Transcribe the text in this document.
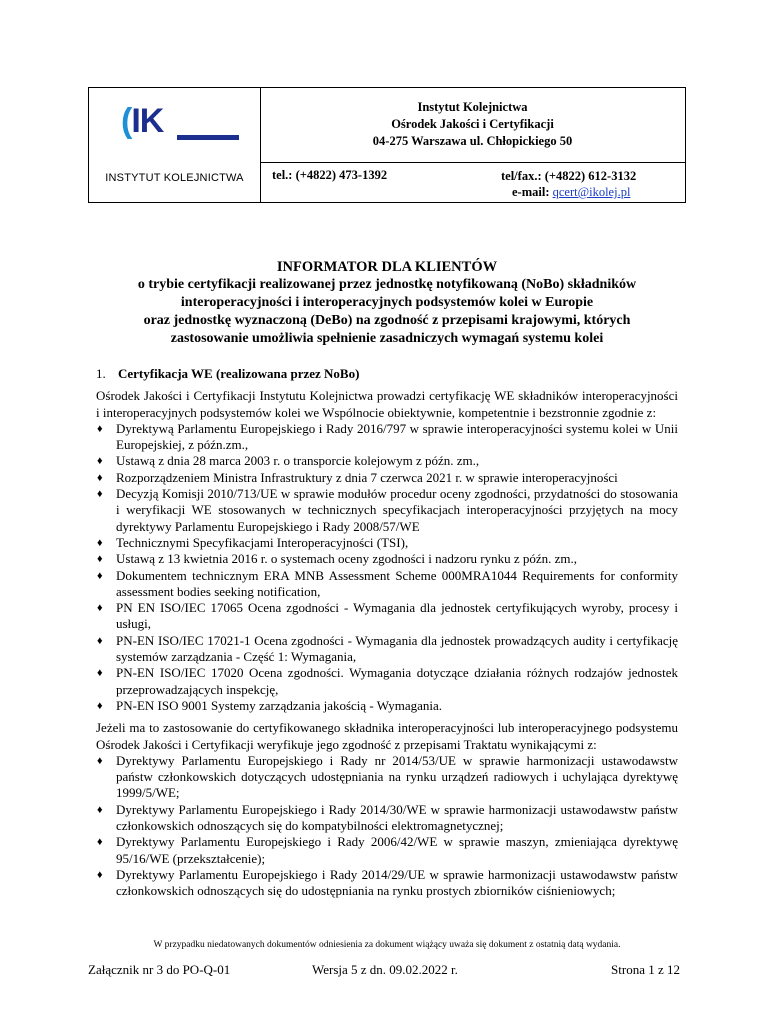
(IK
INSTYTUT KOLEJNICTWA
Instytut Kolejnictwa
Ośrodek Jakości i Certyfikacji
04-275 Warszawa ul. Chłopickiego 50
tel.: (+4822) 473-1392	tel/fax.: (+4822) 612-3132
e-mail: qcert@ikolej.pl
INFORMATOR DLA KLIENTÓW
o trybie certyfikacji realizowanej przez jednostkę notyfikowaną (NoBo) składników
interoperacyjności i interoperacyjnych podsystemów kolei w Europie
oraz jednostkę wyznaczoną (DeBo) na zgodność z przepisami krajowymi, których
zastosowanie umożliwia spełnienie zasadniczych wymagań systemu kolei
1. Certyfikacja WE (realizowana przez NoBo)
Ośrodek Jakości i Certyfikacji Instytutu Kolejnictwa prowadzi certyfikację WE składników interoperacyjności i interoperacyjnych podsystemów kolei we Wspólnocie obiektywnie, kompetentnie i bezstronnie zgodnie z:
♦ Dyrektywą Parlamentu Europejskiego i Rady 2016/797 w sprawie interoperacyjności systemu kolei w Unii Europejskiej, z późn.zm.,
♦ Ustawą z dnia 28 marca 2003 r. o transporcie kolejowym z późn. zm.,
♦ Rozporządzeniem Ministra Infrastruktury z dnia 7 czerwca 2021 r. w sprawie interoperacyjności
♦ Decyzją Komisji 2010/713/UE w sprawie modułów procedur oceny zgodności, przydatności do stosowania i weryfikacji WE stosowanych w technicznych specyfikacjach interoperacyjności przyjętych na mocy dyrektywy Parlamentu Europejskiego i Rady 2008/57/WE
♦ Technicznymi Specyfikacjami Interoperacyjności (TSI),
♦ Ustawą z 13 kwietnia 2016 r. o systemach oceny zgodności i nadzoru rynku z późn. zm.,
♦ Dokumentem technicznym ERA MNB Assessment Scheme 000MRA1044 Requirements for conformity assessment bodies seeking notification,
♦ PN EN ISO/IEC 17065 Ocena zgodności - Wymagania dla jednostek certyfikujących wyroby, procesy i usługi,
♦ PN-EN ISO/IEC 17021-1 Ocena zgodności - Wymagania dla jednostek prowadzących audity i certyfikację systemów zarządzania - Część 1: Wymagania,
♦ PN-EN ISO/IEC 17020 Ocena zgodności. Wymagania dotyczące działania różnych rodzajów jednostek przeprowadzających inspekcję,
♦ PN-EN ISO 9001 Systemy zarządzania jakością - Wymagania.
Jeżeli ma to zastosowanie do certyfikowanego składnika interoperacyjności lub interoperacyjnego podsystemu Ośrodek Jakości i Certyfikacji weryfikuje jego zgodność z przepisami Traktatu wynikającymi z:
♦ Dyrektywy Parlamentu Europejskiego i Rady nr 2014/53/UE w sprawie harmonizacji ustawodawstw państw członkowskich dotyczących udostępniania na rynku urządzeń radiowych i uchylająca dyrektywę 1999/5/WE;
♦ Dyrektywy Parlamentu Europejskiego i Rady 2014/30/WE w sprawie harmonizacji ustawodawstw państw członkowskich odnoszących się do kompatybilności elektromagnetycznej;
♦ Dyrektywy Parlamentu Europejskiego i Rady 2006/42/WE w sprawie maszyn, zmieniająca dyrektywę 95/16/WE (przekształcenie);
♦ Dyrektywy Parlamentu Europejskiego i Rady 2014/29/UE w sprawie harmonizacji ustawodawstw państw członkowskich odnoszących się do udostępniania na rynku prostych zbiorników ciśnieniowych;
W przypadku niedatowanych dokumentów odniesienia za dokument wiążący uważa się dokument z ostatnią datą wydania.
Załącznik nr 3 do PO-Q-01	Wersja 5 z dn. 09.02.2022 r.	Strona 1 z 12
